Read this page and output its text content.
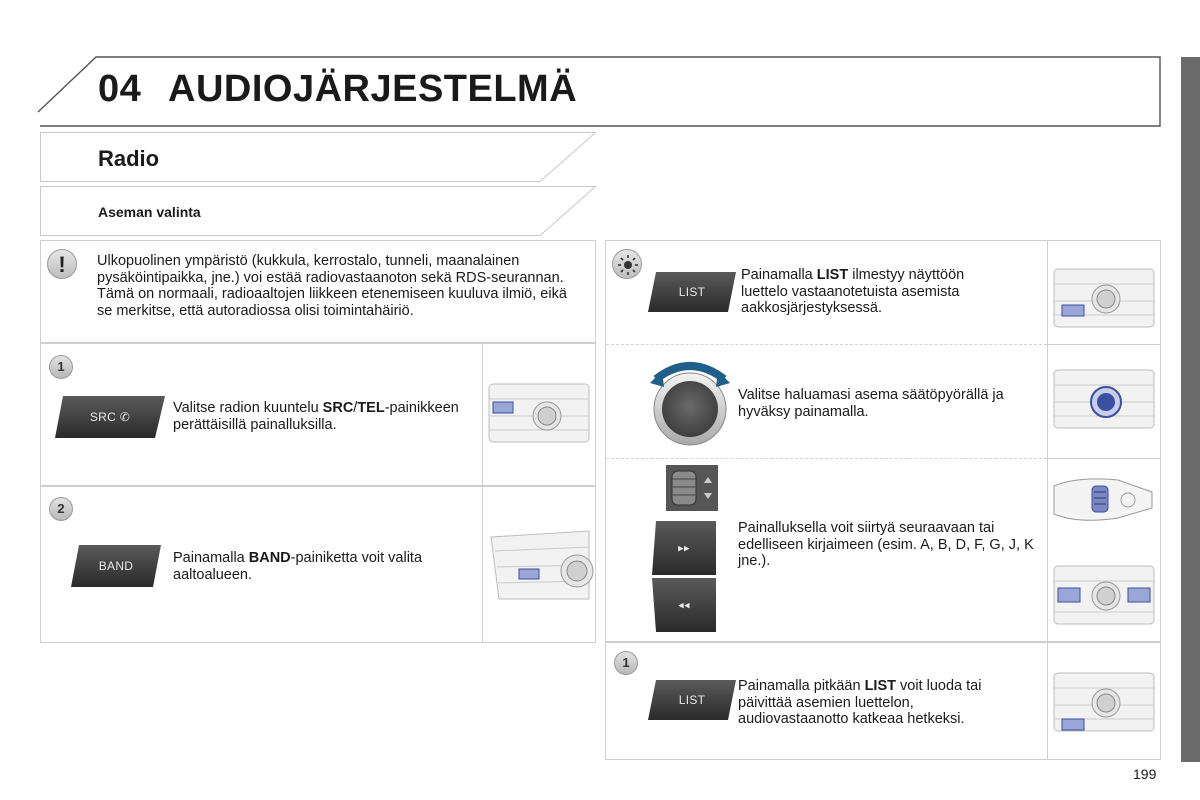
04 AUDIOJÄRJESTELMÄ
Radio
Aseman valinta
!	Ulkopuolinen ympäristö (kukkula, kerrostalo, tunneli, maanalainen pysäköintipaikka, jne.) voi estää radiovastaanoton sekä RDS-seurannan. Tämä on normaali, radioaaltojen liikkeen etenemiseen kuuluva ilmiö, eikä se merkitse, että autoradiossa olisi toimintahäiriö.
1
SRC ✆
Valitse radion kuuntelu SRC/TEL-painikkeen perättäisillä painalluksilla.
2
BAND	Painamalla BAND-painiketta voit valita aaltoalueen.
LIST
Painamalla LIST ilmestyy näyttöön luettelo vastaanotetuista asemista aakkosjärjestyksessä.
Valitse haluamasi asema säätöpyörällä ja hyväksy painamalla.
▸▸
◂◂
Painalluksella voit siirtyä seuraavaan tai edelliseen kirjaimeen (esim. A, B, D, F, G, J, K jne.).
1
LIST
Painamalla pitkään LIST voit luoda tai päivittää asemien luettelon, audiovastaanotto katkeaa hetkeksi.
199
